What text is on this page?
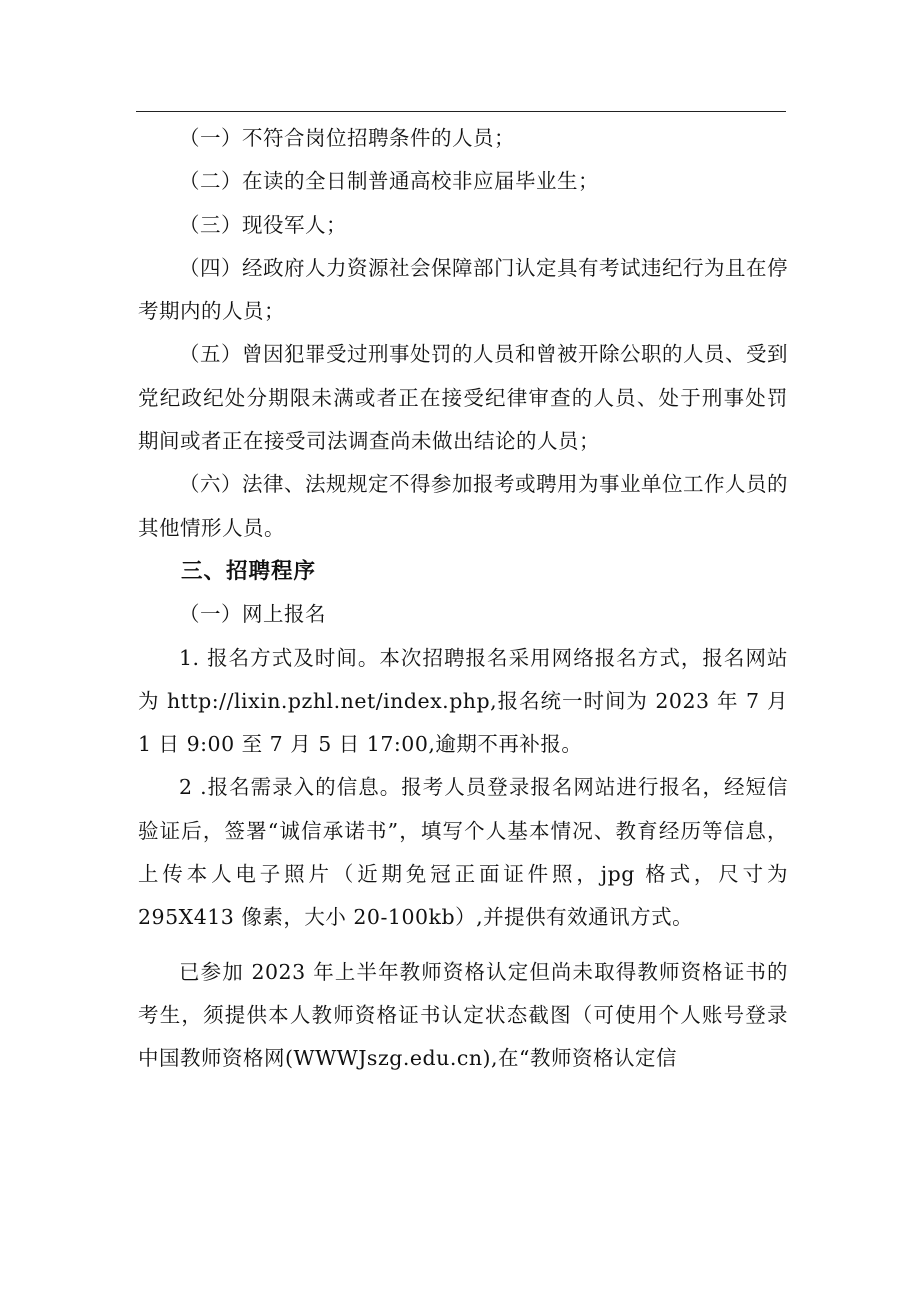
（一）不符合岗位招聘条件的人员；

（二）在读的全日制普通高校非应届毕业生；

（三）现役军人；

（四）经政府人力资源社会保障部门认定具有考试违纪行为且在停考期内的人员；

（五）曾因犯罪受过刑事处罚的人员和曾被开除公职的人员、受到党纪政纪处分期限未满或者正在接受纪律审查的人员、处于刑事处罚期间或者正在接受司法调查尚未做出结论的人员；

（六）法律、法规规定不得参加报考或聘用为事业单位工作人员的其他情形人员。

三、招聘程序

（一）网上报名

1. 报名方式及时间。本次招聘报名采用网络报名方式，报名网站为 http://lixin.pzhl.net/index.php,报名统一时间为 2023 年 7 月 1 日 9:00 至 7 月 5 日 17:00,逾期不再补报。

2 .报名需录入的信息。报考人员登录报名网站进行报名，经短信验证后，签署“诚信承诺书”，填写个人基本情况、教育经历等信息，上传本人电子照片（近期免冠正面证件照，jpg 格式，尺寸为 295X413 像素，大小 20-100kb）,并提供有效通讯方式。

已参加 2023 年上半年教师资格认定但尚未取得教师资格证书的考生，须提供本人教师资格证书认定状态截图（可使用个人账号登录中国教师资格网(WWWJszg.edu.cn),在“教师资格认定信
